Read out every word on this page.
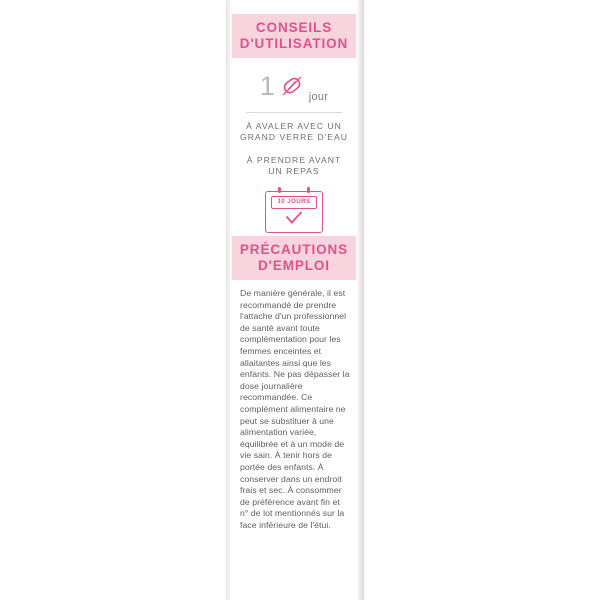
CONSEILS
D'UTILISATION
1	jour
À AVALER AVEC UN
GRAND VERRE D'EAU
À PRENDRE AVANT
UN REPAS
10 JOURS
PRÉCAUTIONS
D'EMPLOI

De manière générale, il est recommandé de prendre l'attache d'un professionnel de santé avant toute complémentation pour les femmes enceintes et allaitantes ainsi que les enfants. Ne pas dépasser la dose journalière recommandée. Ce complément alimentaire ne peut se substituer à une alimentation variée, équilibrée et à un mode de vie sain. À tenir hors de portée des enfants. À conserver dans un endroit frais et sec. À consommer de préférence avant fin et n° de lot mentionnés sur la face inférieure de l'étui.
